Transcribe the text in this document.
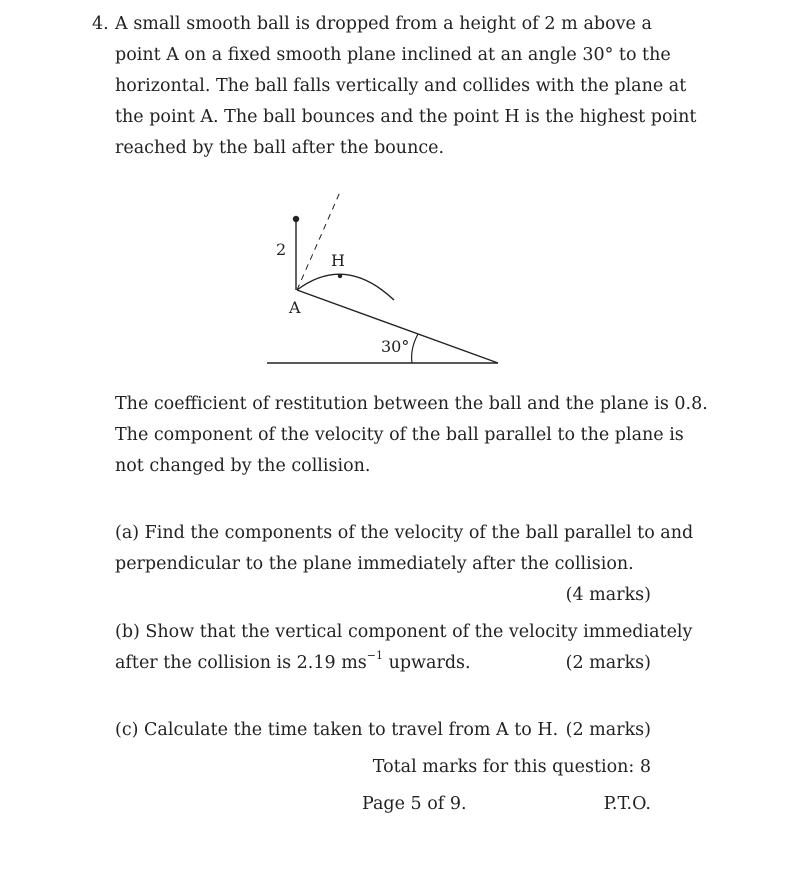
4. A small smooth ball is dropped from a height of 2 m above a
point A on a fixed smooth plane inclined at an angle 30° to the
horizontal. The ball falls vertically and collides with the plane at
the point A. The ball bounces and the point H is the highest point
reached by the ball after the bounce.
2
H
A
30°
The coefficient of restitution between the ball and the plane is 0.8.
The component of the velocity of the ball parallel to the plane is
not changed by the collision.
(a) Find the components of the velocity of the ball parallel to and
perpendicular to the plane immediately after the collision.
(4 marks)
(b) Show that the vertical component of the velocity immediately
after the collision is 2.19 $ms^{-1}$ upwards.	(2 marks)
(c) Calculate the time taken to travel from A to H. (2 marks)
Total marks for this question: 8
Page 5 of 9.	P.T.O.
